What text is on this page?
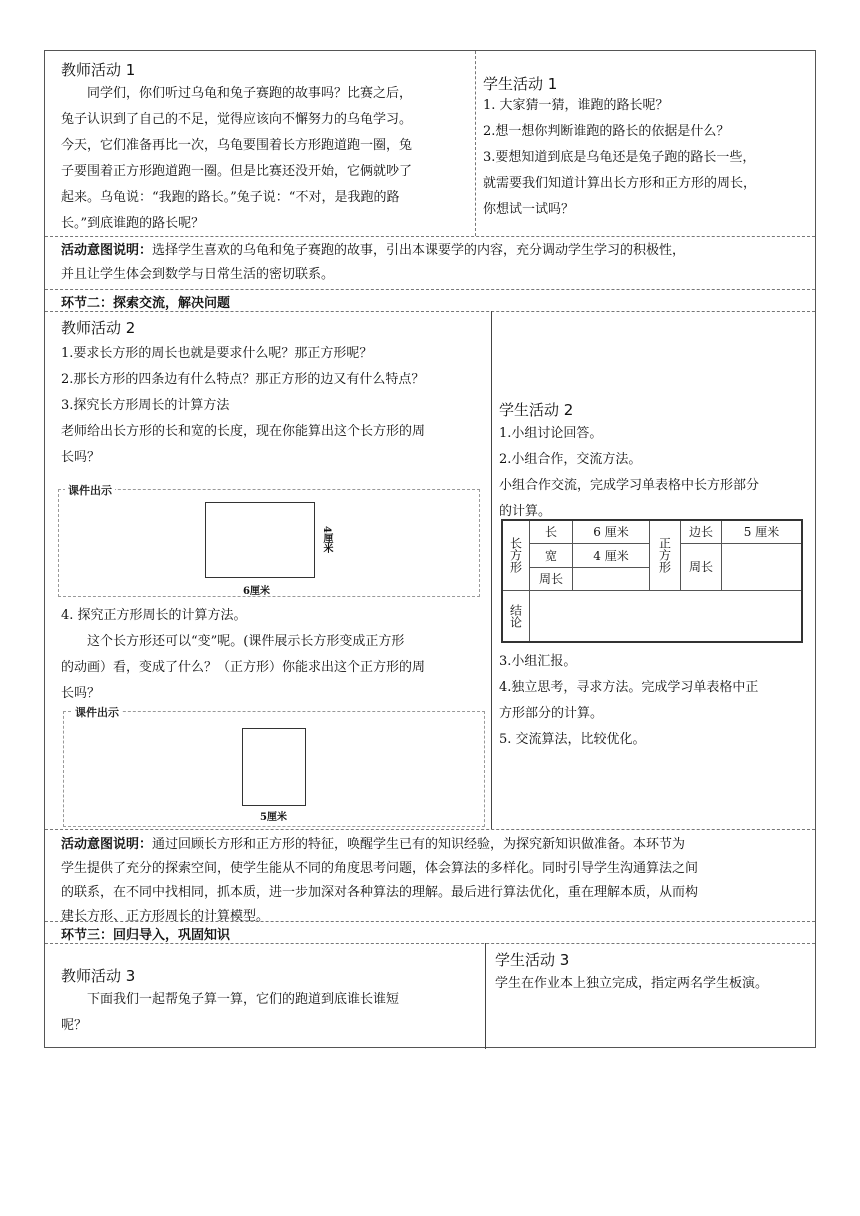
教师活动 1

同学们，你们听过乌龟和兔子赛跑的故事吗？比赛之后，

兔子认识到了自己的不足，觉得应该向不懈努力的乌龟学习。

今天，它们准备再比一次，乌龟要围着长方形跑道跑一圈，兔

子要围着正方形跑道跑一圈。但是比赛还没开始，它俩就吵了

起来。乌龟说：“我跑的路长。”兔子说：“不对，是我跑的路

长。”到底谁跑的路长呢？

学生活动 1

1. 大家猜一猜，谁跑的路长呢？

2.想一想你判断谁跑的路长的依据是什么？

3.要想知道到底是乌龟还是兔子跑的路长一些，

就需要我们知道计算出长方形和正方形的周长，

你想试一试吗？

活动意图说明：选择学生喜欢的乌龟和兔子赛跑的故事，引出本课要学的内容，充分调动学生学习的积极性，
并且让学生体会到数学与日常生活的密切联系。
环节二：探索交流，解决问题
教师活动 2

1.要求长方形的周长也就是要求什么呢？那正方形呢？

2.那长方形的四条边有什么特点？那正方形的边又有什么特点？

3.探究长方形周长的计算方法

老师给出长方形的长和宽的长度，现在你能算出这个长方形的周

长吗？

课件出示
6厘米
4厘米

4. 探究正方形周长的计算方法。

这个长方形还可以“变”呢。(课件展示长方形变成正方形

的动画）看，变成了什么？（正方形）你能求出这个正方形的周

长吗？

课件出示
5厘米
学生活动 2

1.小组讨论回答。

2.小组合作，交流方法。

小组合作交流，完成学习单表格中长方形部分

的计算。

长方形	长	6 厘米	正方形	边长	5 厘米
	宽	4 厘米		周长	
	周长				
结论					

3.小组汇报。

4.独立思考，寻求方法。完成学习单表格中正

方形部分的计算。

5. 交流算法，比较优化。

活动意图说明：通过回顾长方形和正方形的特征，唤醒学生已有的知识经验，为探究新知识做准备。本环节为
学生提供了充分的探索空间，使学生能从不同的角度思考问题，体会算法的多样化。同时引导学生沟通算法之间
的联系，在不同中找相同，抓本质，进一步加深对各种算法的理解。最后进行算法优化，重在理解本质，从而构
建长方形、正方形周长的计算模型。
环节三：回归导入，巩固知识
教师活动 3

下面我们一起帮兔子算一算，它们的跑道到底谁长谁短

呢？

学生活动 3

学生在作业本上独立完成，指定两名学生板演。
